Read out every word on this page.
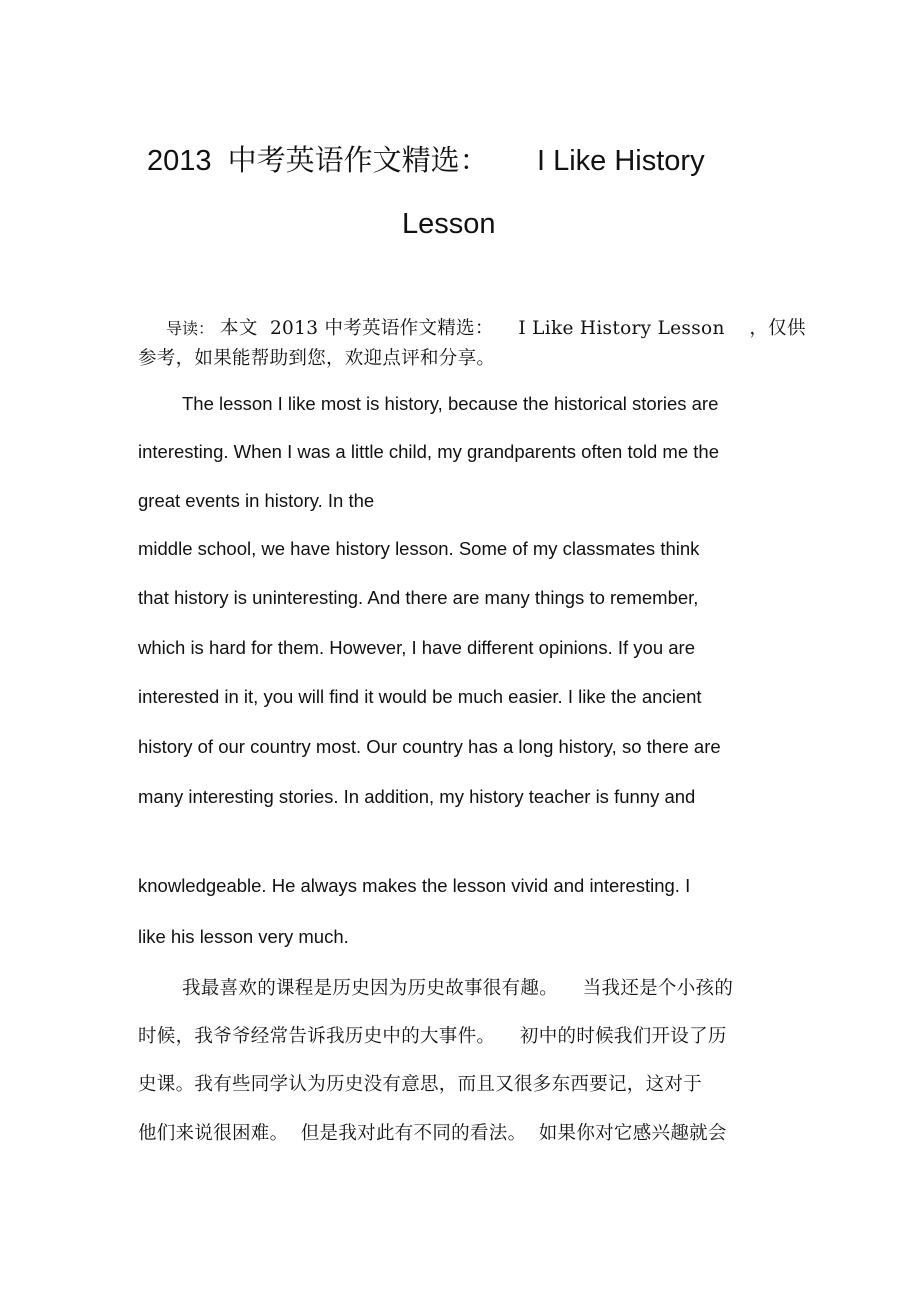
2013  中考英语作文精选：      I Like History
Lesson

导读： 本文  2013 中考英语作文精选：    I Like History Lesson    ，仅供

参考，如果能帮助到您，欢迎点评和分享。
The lesson I like most is history, because the historical stories are
interesting. When I was a little child, my grandparents often told me the
great events in history. In the
middle school, we have history lesson. Some of my classmates think
that history is uninteresting. And there are many things to remember,
which is hard for them. However, I have different opinions. If you are
interested in it, you will find it would be much easier. I like the ancient
history of our country most. Our country has a long history, so there are
many interesting stories. In addition, my history teacher is funny and
knowledgeable. He always makes the lesson vivid and interesting. I
like his lesson very much.
我最喜欢的课程是历史因为历史故事很有趣。    当我还是个小孩的
时候，我爷爷经常告诉我历史中的大事件。    初中的时候我们开设了历
史课。我有些同学认为历史没有意思，而且又很多东西要记，这对于
他们来说很困难。  但是我对此有不同的看法。  如果你对它感兴趣就会
